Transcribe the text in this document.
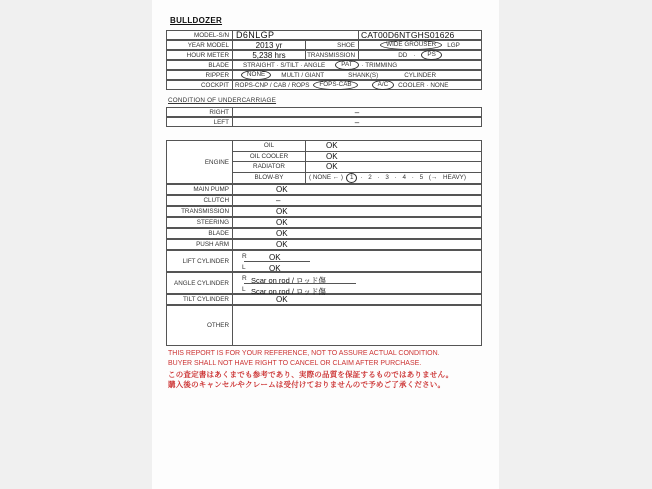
BULLDOZER
MODEL-S/N D6NLGP	CAT00D6NTGHS01626
YEAR MODEL	2013 yr	SHOE	WIDE GROUSER	LGP
HOUR METER	5,238 hrs	TRANSMISSION	DD ·	PS
BLADE	STRAIGHT · S/TILT · ANGLE	PAT	· TRIMMING
RIPPER	NONE	MULTI / GIANT	SHANK(S)	CYLINDER
COCKPIT ROPS-CNP / CAB / ROPS	FOPS-CAB	A/C	COOLER · NONE
CONDITION OF UNDERCARRIAGE
RIGHT	–
LEFT	–
ENGINE
OIL	OK
OIL COOLER	OK
RADIATOR	OK
BLOW-BY	( NONE ← )	1	· 2 · 3 · 4 · 5 (→ HEAVY)
MAIN PUMP	OK
CLUTCH	–
TRANSMISSION	OK
STEERING	OK
BLADE	OK
PUSH ARM	OK
LIFT CYLINDER
R	OK
L	OK
ANGLE CYLINDER
R Scar on rod / ロッド傷
L Scar on rod / ロッド傷
TILT CYLINDER	OK
OTHER
THIS REPORT IS FOR YOUR REFERENCE, NOT TO ASSURE ACTUAL CONDITION.
BUYER SHALL NOT HAVE RIGHT TO CANCEL OR CLAIM AFTER PURCHASE.
この査定書はあくまでも参考であり、実際の品質を保証するものではありません。
購入後のキャンセルやクレームは受付けておりませんので予めご了承ください。
